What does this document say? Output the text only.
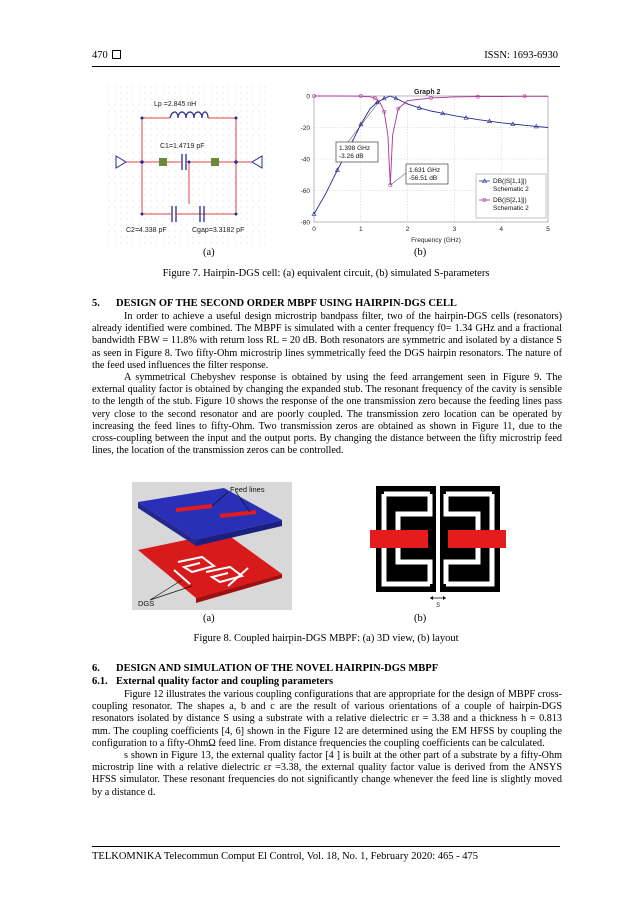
470	ISSN: 1693-6930
Lp =2.845 nH
C1=1.4719 pF
C2=4.338 pF	Cgap=3.3182 pF
(a)
Graph 2
0	1	2	3	4	5
0
-20
-40
-60
-80
1.398 GHz
-3.26 dB
1.631 GHz
-56.51 dB	DB(|S[1,1]|)
Schematic 2
DB(|S[2,1]|)
Schematic 2
Frequency (GHz)
(b)
Figure 7. Hairpin-DGS cell: (a) equivalent circuit, (b) simulated S-parameters
5. DESIGN OF THE SECOND ORDER MBPF USING HAIRPIN-DGS CELL

In order to achieve a useful design microstrip bandpass filter, two of the hairpin-DGS cells (resonators) already identified were combined. The MBPF is simulated with a center frequency f0= 1.34 GHz and a fractional bandwidth FBW = 11.8% with return loss RL = 20 dB. Both resonators are symmetric and isolated by a distance S as seen in Figure 8. Two fifty-Ohm microstrip lines symmetrically feed the DGS hairpin resonators. The nature of the feed used influences the filter response.

A symmetrical Chebyshev response is obtained by using the feed arrangement seen in Figure 9. The external quality factor is obtained by changing the expanded stub. The resonant frequency of the cavity is sensible to the length of the stub. Figure 10 shows the response of the one transmission zero because the feeding lines pass very close to the second resonator and are poorly coupled. The transmission zero location can be operated by increasing the feed lines to fifty-Ohm. Two transmission zeros are obtained as shown in Figure 11, due to the cross-coupling between the input and the output ports. By changing the distance between the fifty microstrip feed lines, the location of the transmission zeros can be controlled.

Feed lines
DGS
(a)
S
(b)
Figure 8. Coupled hairpin-DGS MBPF: (a) 3D view, (b) layout
6. DESIGN AND SIMULATION OF THE NOVEL HAIRPIN-DGS MBPF
6.1. External quality factor and coupling parameters

Figure 12 illustrates the various coupling configurations that are appropriate for the design of MBPF cross-coupling resonator. The shapes a, b and c are the result of various orientations of a couple of hairpin-DGS resonators isolated by distance S using a substrate with a relative dielectric εr = 3.38 and a thickness h = 0.813 mm. The coupling coefficients [4, 6] shown in the Figure 12 are determined using the EM HFSS by coupling the configuration to a fifty-OhmΩ feed line. From distance frequencies the coupling coefficients can be calculated.

s shown in Figure 13, the external quality factor [4 ] is built at the other part of a substrate by a fifty-Ohm microstrip line with a relative dielectric εr =3.38, the external quality factor value is derived from the ANSYS HFSS simulator. These resonant frequencies do not significantly change whenever the feed line is slightly moved by a distance d.

TELKOMNIKA Telecommun Comput El Control, Vol. 18, No. 1, February 2020: 465 - 475
